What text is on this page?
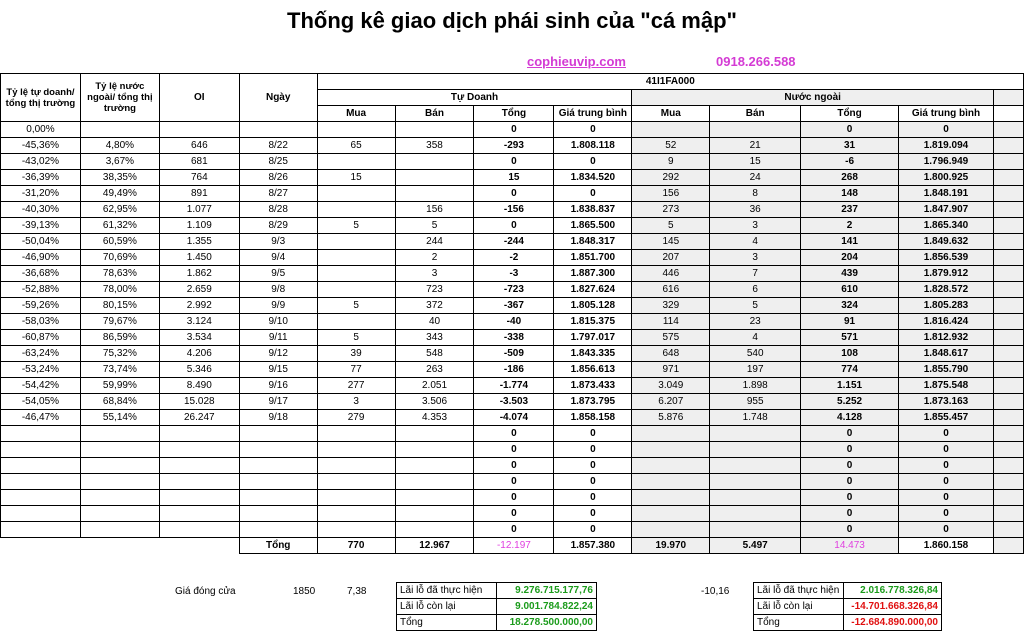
Thống kê giao dịch phái sinh của "cá mập"
cophieuvip.com	0918.266.588
Tỷ lệ tự doanh/ tổng thị trường	Tỷ lệ nước ngoài/ tổng thị trường	OI	Ngày	41I1FA000								
				Tự Doanh				Nước ngoài				
				Mua	Bán	Tổng	Giá trung bình	Mua	Bán	Tổng	Giá trung bình	
0,00%						0	0			0	0	
-45,36%	4,80%	646	8/22	65	358	-293	1.808.118	52	21	31	1.819.094	
-43,02%	3,67%	681	8/25			0	0	9	15	-6	1.796.949	
-36,39%	38,35%	764	8/26	15		15	1.834.520	292	24	268	1.800.925	
-31,20%	49,49%	891	8/27			0	0	156	8	148	1.848.191	
-40,30%	62,95%	1.077	8/28		156	-156	1.838.837	273	36	237	1.847.907	
-39,13%	61,32%	1.109	8/29	5	5	0	1.865.500	5	3	2	1.865.340	
-50,04%	60,59%	1.355	9/3		244	-244	1.848.317	145	4	141	1.849.632	
-46,90%	70,69%	1.450	9/4		2	-2	1.851.700	207	3	204	1.856.539	
-36,68%	78,63%	1.862	9/5		3	-3	1.887.300	446	7	439	1.879.912	
-52,88%	78,00%	2.659	9/8		723	-723	1.827.624	616	6	610	1.828.572	
-59,26%	80,15%	2.992	9/9	5	372	-367	1.805.128	329	5	324	1.805.283	
-58,03%	79,67%	3.124	9/10		40	-40	1.815.375	114	23	91	1.816.424	
-60,87%	86,59%	3.534	9/11	5	343	-338	1.797.017	575	4	571	1.812.932	
-63,24%	75,32%	4.206	9/12	39	548	-509	1.843.335	648	540	108	1.848.617	
-53,24%	73,74%	5.346	9/15	77	263	-186	1.856.613	971	197	774	1.855.790	
-54,42%	59,99%	8.490	9/16	277	2.051	-1.774	1.873.433	3.049	1.898	1.151	1.875.548	
-54,05%	68,84%	15.028	9/17	3	3.506	-3.503	1.873.795	6.207	955	5.252	1.873.163	
-46,47%	55,14%	26.247	9/18	279	4.353	-4.074	1.858.158	5.876	1.748	4.128	1.855.457	
						0	0			0	0	
						0	0			0	0	
						0	0			0	0	
						0	0			0	0	
						0	0			0	0	
						0	0			0	0	
						0	0			0	0	
			Tổng	770	12.967	-12.197	1.857.380	19.970	5.497	14.473	1.860.158	
Giá đóng cửa	1850	7,38	-10,16
Lãi lỗ đã thực hiện	9.276.715.177,76
Lãi lỗ còn lại	9.001.784.822,24
Tổng	18.278.500.000,00
Lãi lỗ đã thực hiện	2.016.778.326,84
Lãi lỗ còn lại	-14.701.668.326,84
Tổng	-12.684.890.000,00
